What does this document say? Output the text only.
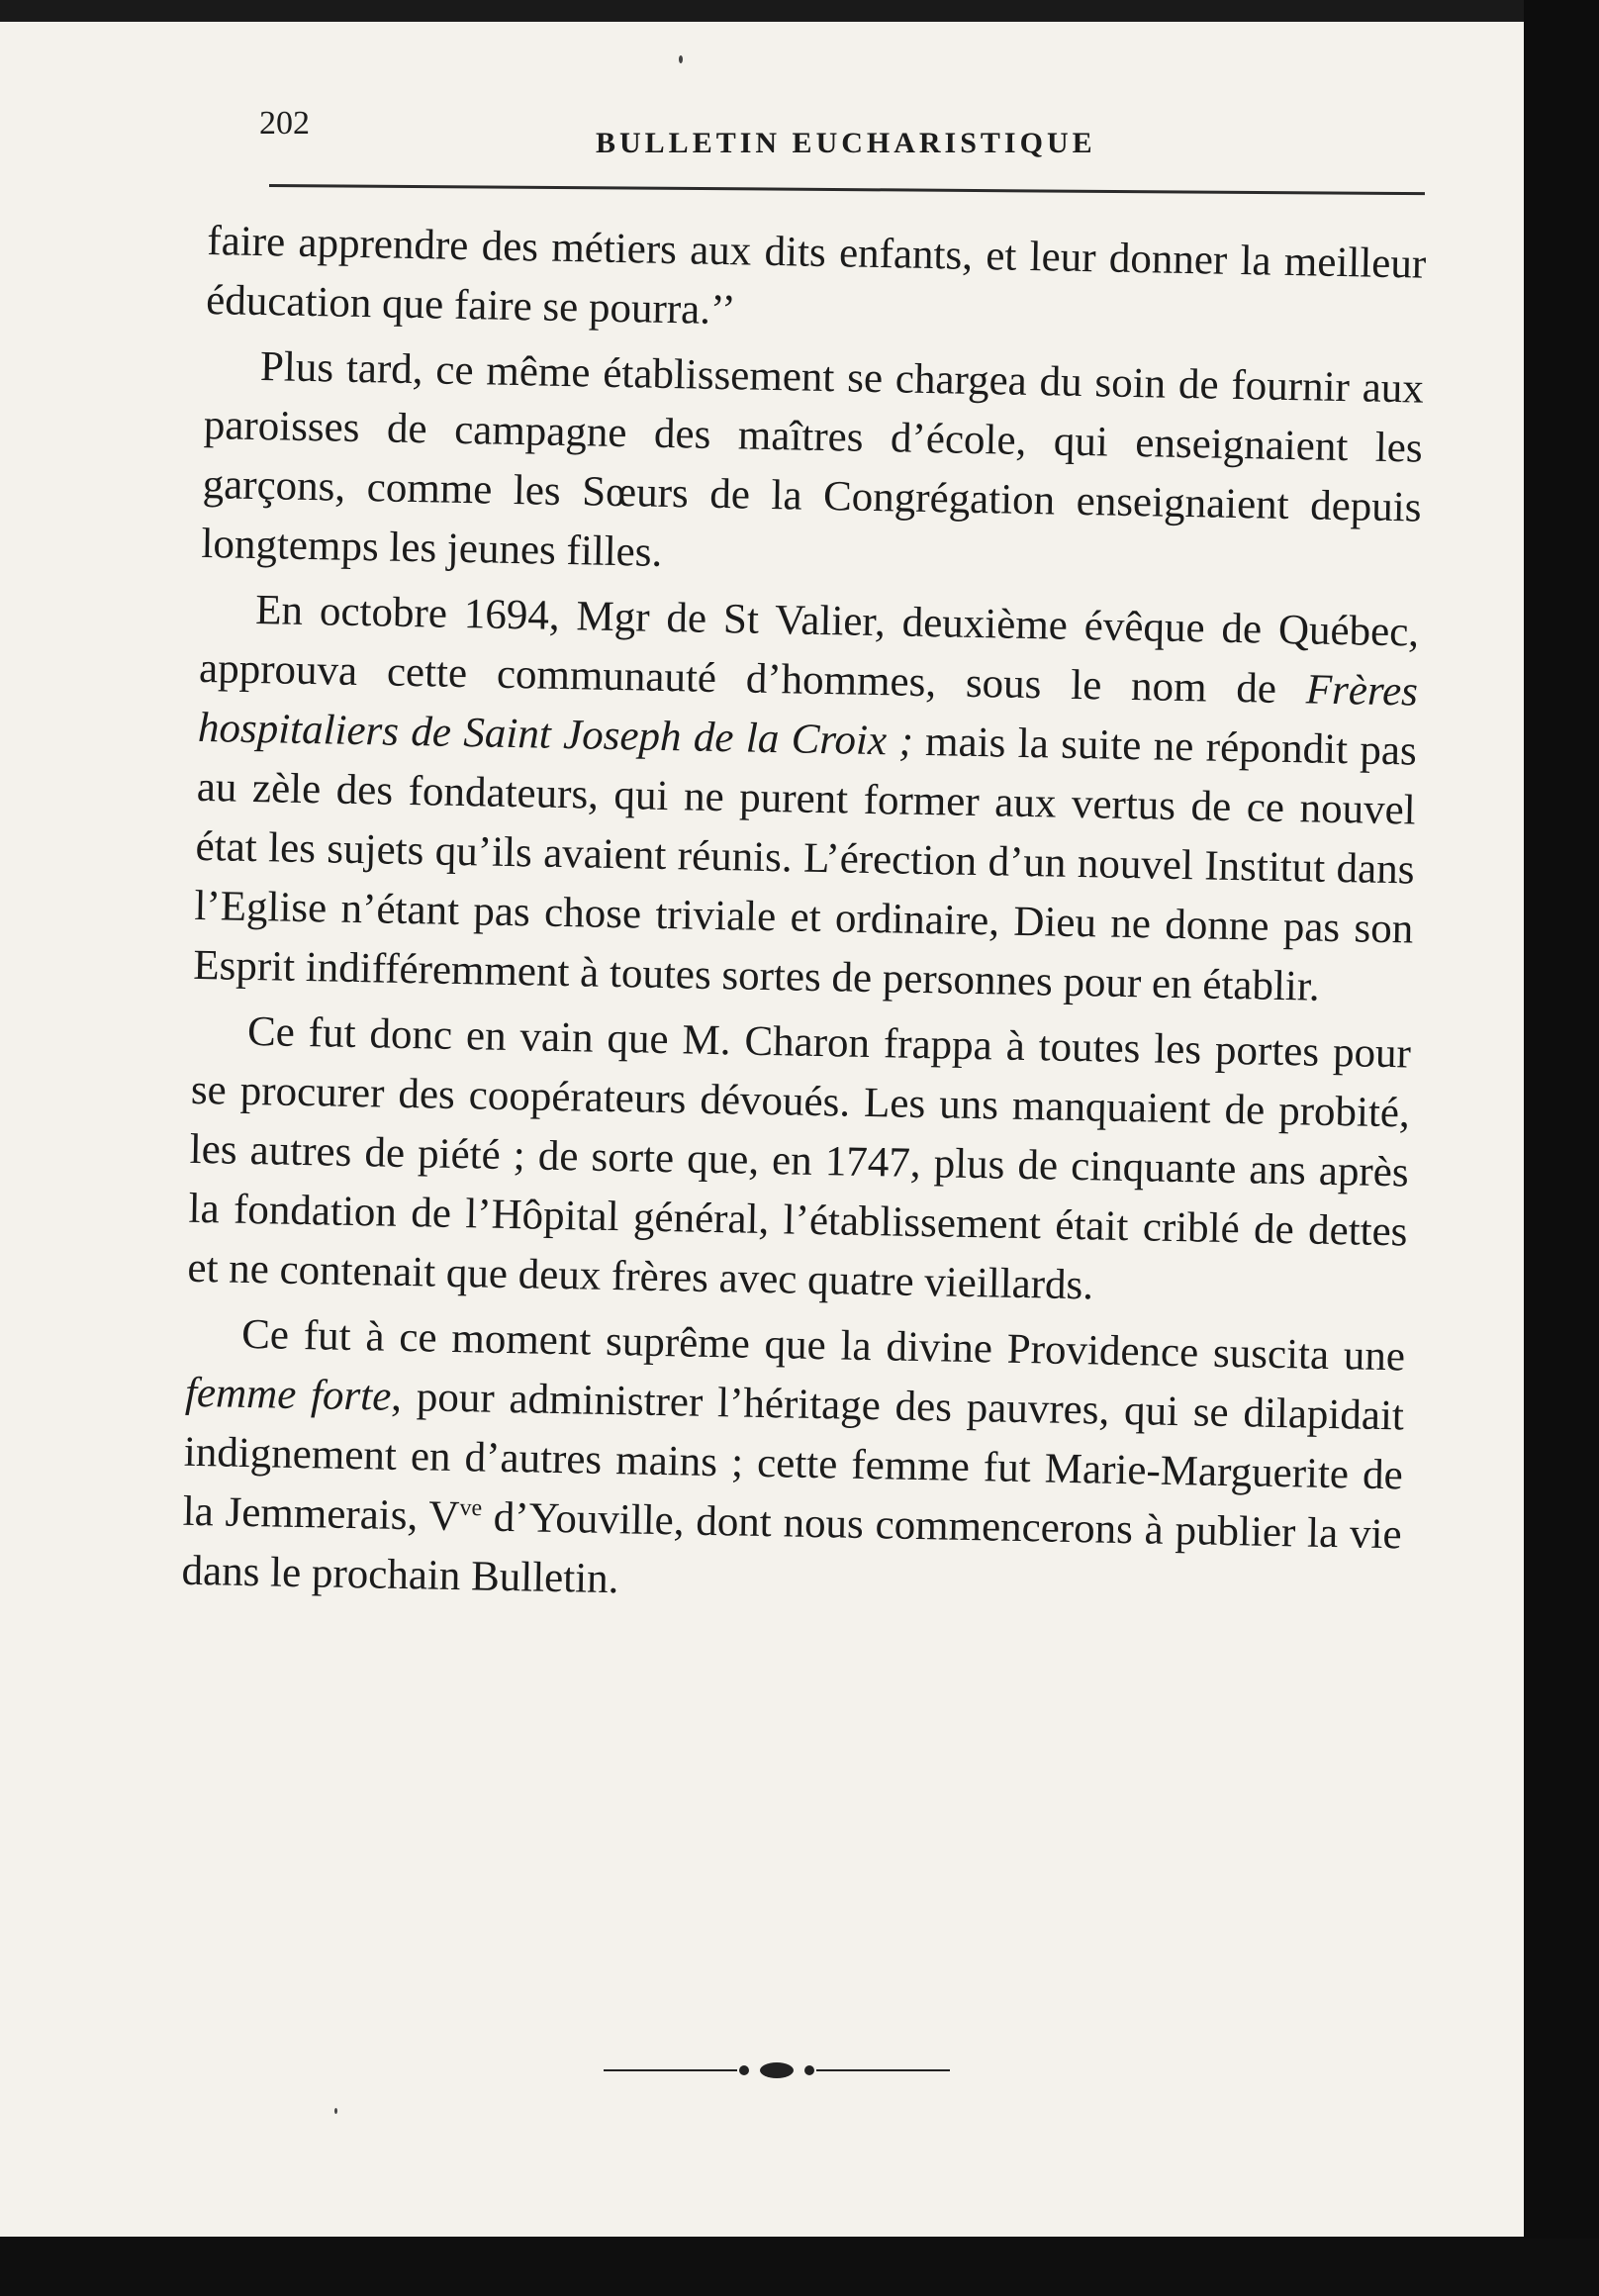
202
BULLETIN EUCHARISTIQUE

faire apprendre des métiers aux dits enfants, et leur donner la meilleur éducation que faire se pourra.’’

Plus tard, ce même établissement se chargea du soin de fournir aux paroisses de campagne des maîtres d’école, qui enseignaient les garçons, comme les Sœurs de la Congrégation enseignaient depuis longtemps les jeunes filles.

En octobre 1694, Mgr de St Valier, deuxième évêque de Québec, approuva cette communauté d’hommes, sous le nom de Frères hospitaliers de Saint Joseph de la Croix ; mais la suite ne répondit pas au zèle des fondateurs, qui ne purent former aux vertus de ce nouvel état les sujets qu’ils avaient réunis. L’érection d’un nouvel Institut dans l’Eglise n’étant pas chose triviale et ordinaire, Dieu ne donne pas son Esprit indifféremment à toutes sortes de personnes pour en établir.

Ce fut donc en vain que M. Charon frappa à toutes les portes pour se procurer des coopérateurs dévoués. Les uns manquaient de probité, les autres de piété ; de sorte que, en 1747, plus de cinquante ans après la fondation de l’Hôpital général, l’établissement était criblé de dettes et ne contenait que deux frères avec quatre vieillards.

Ce fut à ce moment suprême que la divine Providence suscita une femme forte, pour administrer l’héritage des pauvres, qui se dilapidait indignement en d’autres mains ; cette femme fut Marie-Marguerite de la Jemmerais, $V^{ve}$ d’Youville, dont nous commencerons à publier la vie dans le prochain Bulletin.
